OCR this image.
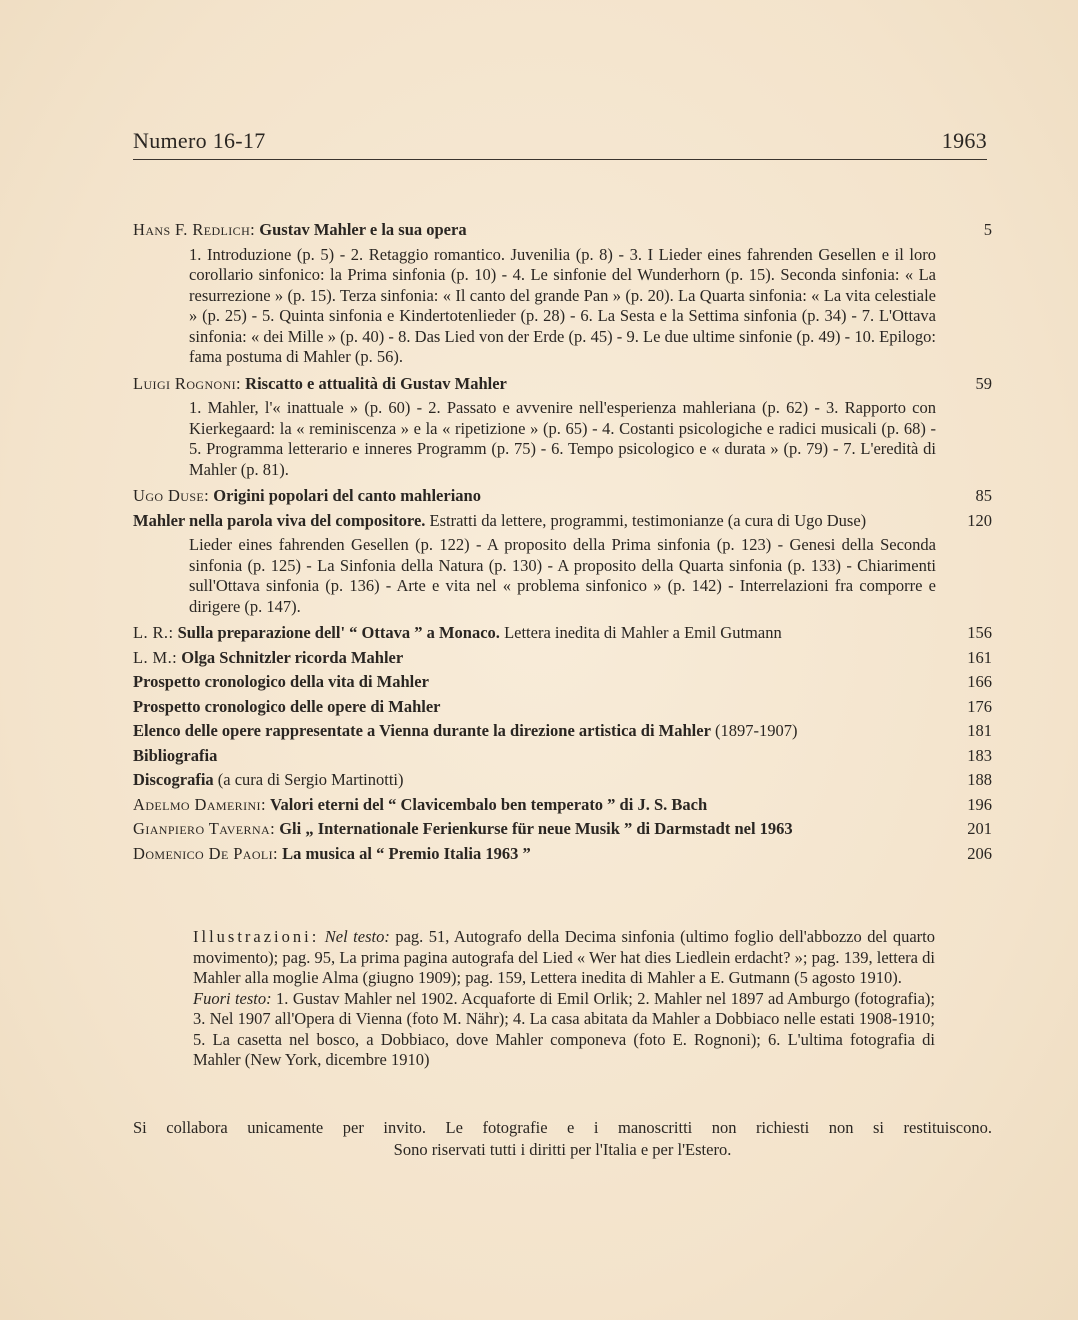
Numero 16-17	1963
Hans F. Redlich: Gustav Mahler e la sua opera	5
1. Introduzione (p. 5) - 2. Retaggio romantico. Juvenilia (p. 8) - 3. I Lieder eines fahrenden Gesellen e il loro corollario sinfonico: la Prima sinfonia (p. 10) - 4. Le sinfonie del Wunderhorn (p. 15). Seconda sinfonia: « La resurrezione » (p. 15). Terza sinfonia: « Il canto del grande Pan » (p. 20). La Quarta sinfonia: « La vita celestiale » (p. 25) - 5. Quinta sinfonia e Kindertotenlieder (p. 28) - 6. La Sesta e la Settima sinfonia (p. 34) - 7. L'Ottava sinfonia: « dei Mille » (p. 40) - 8. Das Lied von der Erde (p. 45) - 9. Le due ultime sinfonie (p. 49) - 10. Epilogo: fama postuma di Mahler (p. 56).
Luigi Rognoni: Riscatto e attualità di Gustav Mahler	59
1. Mahler, l'« inattuale » (p. 60) - 2. Passato e avvenire nell'esperienza mahleriana (p. 62) - 3. Rapporto con Kierkegaard: la « reminiscenza » e la « ripetizione » (p. 65) - 4. Costanti psicologiche e radici musicali (p. 68) - 5. Programma letterario e inneres Programm (p. 75) - 6. Tempo psicologico e « durata » (p. 79) - 7. L'eredità di Mahler (p. 81).
Ugo Duse: Origini popolari del canto mahleriano	85
Mahler nella parola viva del compositore. Estratti da lettere, programmi, testimonianze (a cura di Ugo Duse)	120
Lieder eines fahrenden Gesellen (p. 122) - A proposito della Prima sinfonia (p. 123) - Genesi della Seconda sinfonia (p. 125) - La Sinfonia della Natura (p. 130) - A proposito della Quarta sinfonia (p. 133) - Chiarimenti sull'Ottava sinfonia (p. 136) - Arte e vita nel « problema sinfonico » (p. 142) - Interrelazioni fra comporre e dirigere (p. 147).
L. R.: Sulla preparazione dell' “ Ottava ” a Monaco. Lettera inedita di Mahler a Emil Gutmann	156
L. M.: Olga Schnitzler ricorda Mahler	161
Prospetto cronologico della vita di Mahler	166
Prospetto cronologico delle opere di Mahler	176
Elenco delle opere rappresentate a Vienna durante la direzione artistica di Mahler (1897-1907)	181
Bibliografia	183
Discografia (a cura di Sergio Martinotti)	188
Adelmo Damerini: Valori eterni del “ Clavicembalo ben temperato ” di J. S. Bach	196
Gianpiero Taverna: Gli „ Internationale Ferienkurse für neue Musik ” di Darmstadt nel 1963	201
Domenico De Paoli: La musica al “ Premio Italia 1963 ”	206
Illustrazioni: Nel testo: pag. 51, Autografo della Decima sinfonia (ultimo foglio dell'abbozzo del quarto movimento); pag. 95, La prima pagina autografa del Lied « Wer hat dies Liedlein erdacht? »; pag. 139, lettera di Mahler alla moglie Alma (giugno 1909); pag. 159, Lettera inedita di Mahler a E. Gutmann (5 agosto 1910).
Fuori testo: 1. Gustav Mahler nel 1902. Acquaforte di Emil Orlik; 2. Mahler nel 1897 ad Amburgo (fotografia); 3. Nel 1907 all'Opera di Vienna (foto M. Nähr); 4. La casa abitata da Mahler a Dobbiaco nelle estati 1908-1910; 5. La casetta nel bosco, a Dobbiaco, dove Mahler componeva (foto E. Rognoni); 6. L'ultima fotografia di Mahler (New York, dicembre 1910)
Si collabora unicamente per invito. Le fotografie e i manoscritti non richiesti non si restituiscono.
Sono riservati tutti i diritti per l'Italia e per l'Estero.
